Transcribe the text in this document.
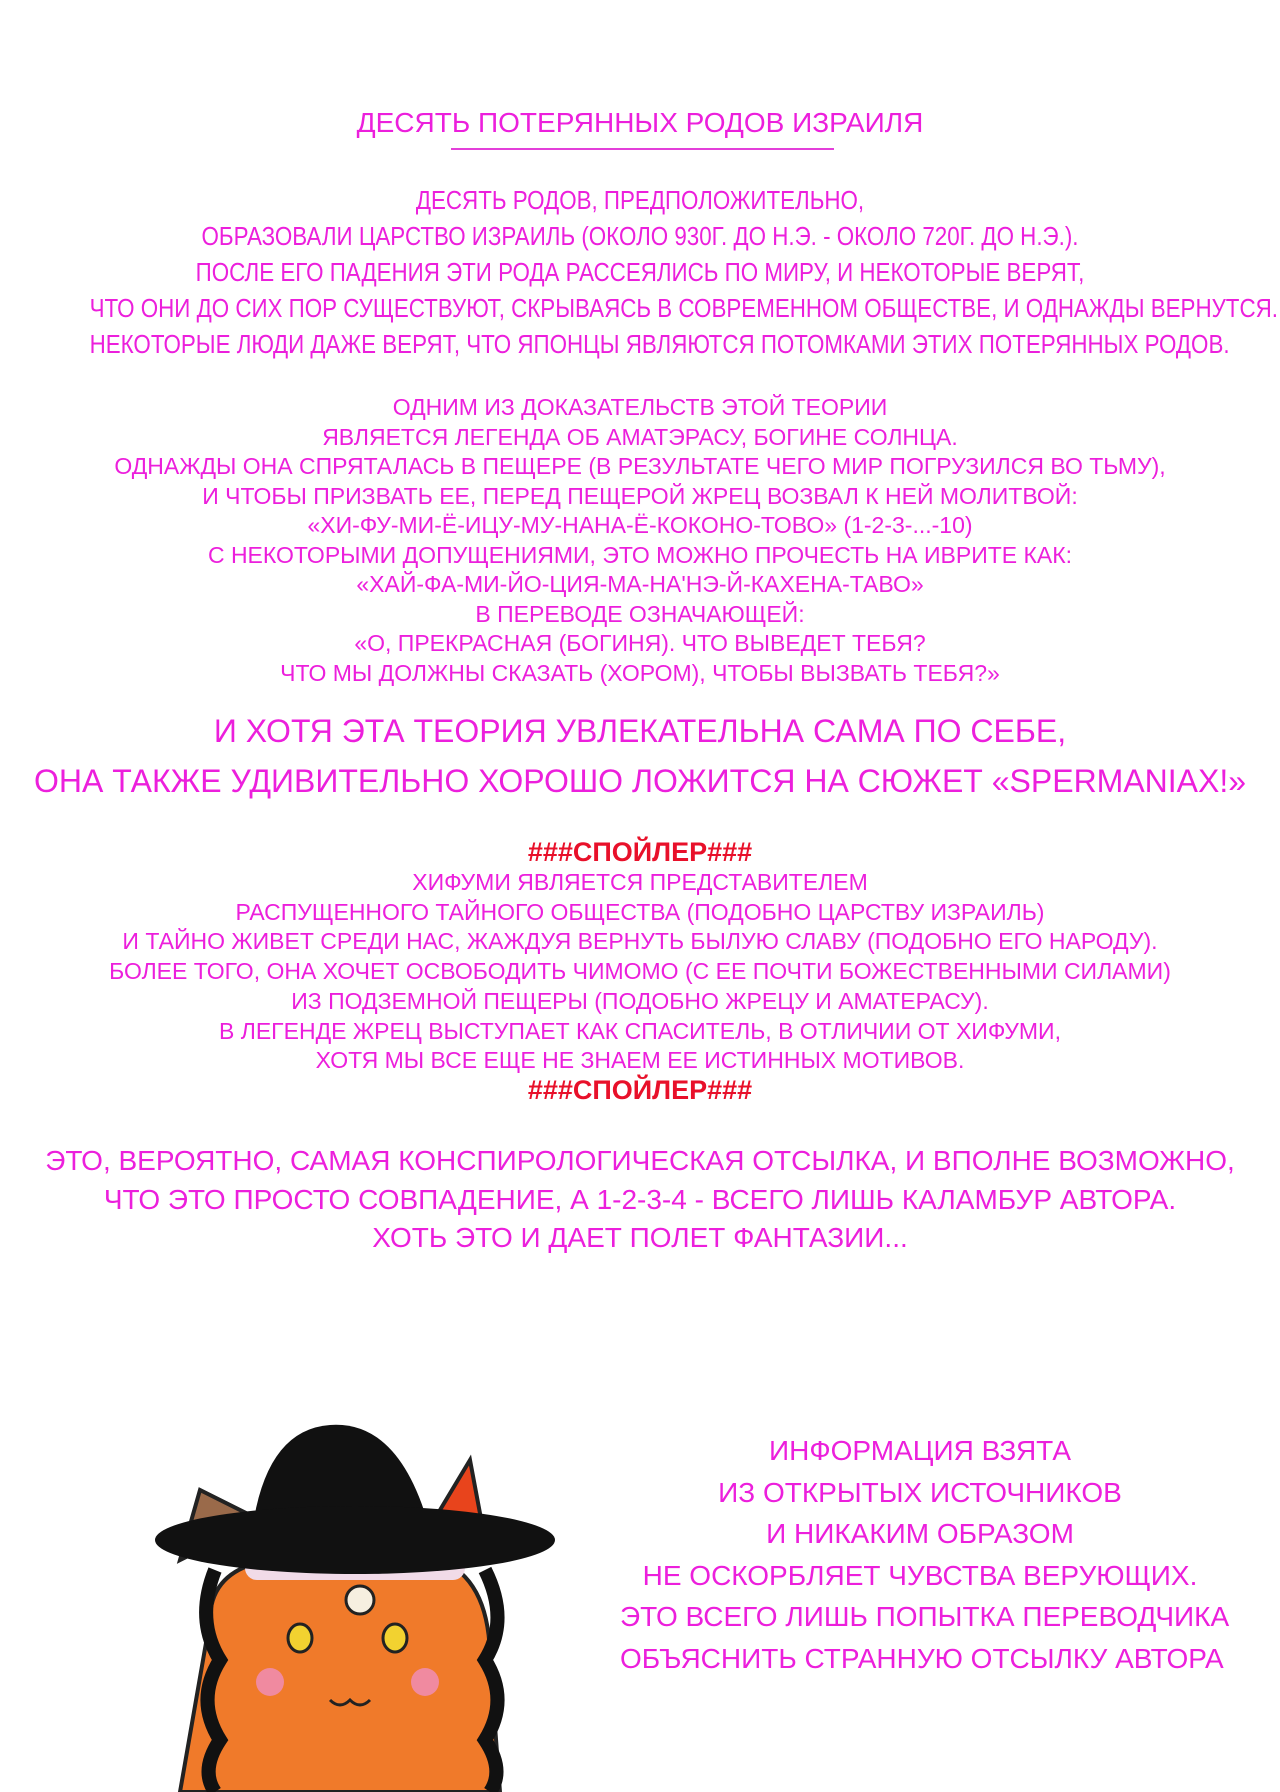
ДЕСЯТЬ ПОТЕРЯННЫХ РОДОВ ИЗРАИЛЯ
ДЕСЯТЬ РОДОВ, ПРЕДПОЛОЖИТЕЛЬНО,
ОБРАЗОВАЛИ ЦАРСТВО ИЗРАИЛЬ (ОКОЛО 930Г. ДО Н.Э. - ОКОЛО 720Г. ДО Н.Э.).
ПОСЛЕ ЕГО ПАДЕНИЯ ЭТИ РОДА РАССЕЯЛИСЬ ПО МИРУ, И НЕКОТОРЫЕ ВЕРЯТ,
ЧТО ОНИ ДО СИХ ПОР СУЩЕСТВУЮТ, СКРЫВАЯСЬ В СОВРЕМЕННОМ ОБЩЕСТВЕ, И ОДНАЖДЫ ВЕРНУТСЯ.
НЕКОТОРЫЕ ЛЮДИ ДАЖЕ ВЕРЯТ, ЧТО ЯПОНЦЫ ЯВЛЯЮТСЯ ПОТОМКАМИ ЭТИХ ПОТЕРЯННЫХ РОДОВ.
ОДНИМ ИЗ ДОКАЗАТЕЛЬСТВ ЭТОЙ ТЕОРИИ
ЯВЛЯЕТСЯ ЛЕГЕНДА ОБ АМАТЭРАСУ, БОГИНЕ СОЛНЦА.
ОДНАЖДЫ ОНА СПРЯТАЛАСЬ В ПЕЩЕРЕ (В РЕЗУЛЬТАТЕ ЧЕГО МИР ПОГРУЗИЛСЯ ВО ТЬМУ),
И ЧТОБЫ ПРИЗВАТЬ ЕЕ, ПЕРЕД ПЕЩЕРОЙ ЖРЕЦ ВОЗВАЛ К НЕЙ МОЛИТВОЙ:
«ХИ-ФУ-МИ-Ё-ИЦУ-МУ-НАНА-Ё-КОКОНО-ТОВО» (1-2-3-...-10)
С НЕКОТОРЫМИ ДОПУЩЕНИЯМИ, ЭТО МОЖНО ПРОЧЕСТЬ НА ИВРИТЕ КАК:
«ХАЙ-ФА-МИ-ЙО-ЦИЯ-МА-НА'НЭ-Й-КАХЕНА-ТАВО»
В ПЕРЕВОДЕ ОЗНАЧАЮЩЕЙ:
«О, ПРЕКРАСНАЯ (БОГИНЯ). ЧТО ВЫВЕДЕТ ТЕБЯ?
ЧТО МЫ ДОЛЖНЫ СКАЗАТЬ (ХОРОМ), ЧТОБЫ ВЫЗВАТЬ ТЕБЯ?»
И ХОТЯ ЭТА ТЕОРИЯ УВЛЕКАТЕЛЬНА САМА ПО СЕБЕ,
ОНА ТАКЖЕ УДИВИТЕЛЬНО ХОРОШО ЛОЖИТСЯ НА СЮЖЕТ «SPERMANIAX!»
###СПОЙЛЕР###
ХИФУМИ ЯВЛЯЕТСЯ ПРЕДСТАВИТЕЛЕМ
РАСПУЩЕННОГО ТАЙНОГО ОБЩЕСТВА (ПОДОБНО ЦАРСТВУ ИЗРАИЛЬ)
И ТАЙНО ЖИВЕТ СРЕДИ НАС, ЖАЖДУЯ ВЕРНУТЬ БЫЛУЮ СЛАВУ (ПОДОБНО ЕГО НАРОДУ).
БОЛЕЕ ТОГО, ОНА ХОЧЕТ ОСВОБОДИТЬ ЧИМОМО (С ЕЕ ПОЧТИ БОЖЕСТВЕННЫМИ СИЛАМИ)
ИЗ ПОДЗЕМНОЙ ПЕЩЕРЫ (ПОДОБНО ЖРЕЦУ И АМАТЕРАСУ).
В ЛЕГЕНДЕ ЖРЕЦ ВЫСТУПАЕТ КАК СПАСИТЕЛЬ, В ОТЛИЧИИ ОТ ХИФУМИ,
ХОТЯ МЫ ВСЕ ЕЩЕ НЕ ЗНАЕМ ЕЕ ИСТИННЫХ МОТИВОВ.
###СПОЙЛЕР###
ЭТО, ВЕРОЯТНО, САМАЯ КОНСПИРОЛОГИЧЕСКАЯ ОТСЫЛКА, И ВПОЛНЕ ВОЗМОЖНО,
ЧТО ЭТО ПРОСТО СОВПАДЕНИЕ, А 1-2-3-4 - ВСЕГО ЛИШЬ КАЛАМБУР АВТОРА.
ХОТЬ ЭТО И ДАЕТ ПОЛЕТ ФАНТАЗИИ...
ИНФОРМАЦИЯ ВЗЯТА
ИЗ ОТКРЫТЫХ ИСТОЧНИКОВ
И НИКАКИМ ОБРАЗОМ
НЕ ОСКОРБЛЯЕТ ЧУВСТВА ВЕРУЮЩИХ.
ЭТО ВСЕГО ЛИШЬ ПОПЫТКА ПЕРЕВОДЧИКА
ОБЪЯСНИТЬ СТРАННУЮ ОТСЫЛКУ АВТОРА
